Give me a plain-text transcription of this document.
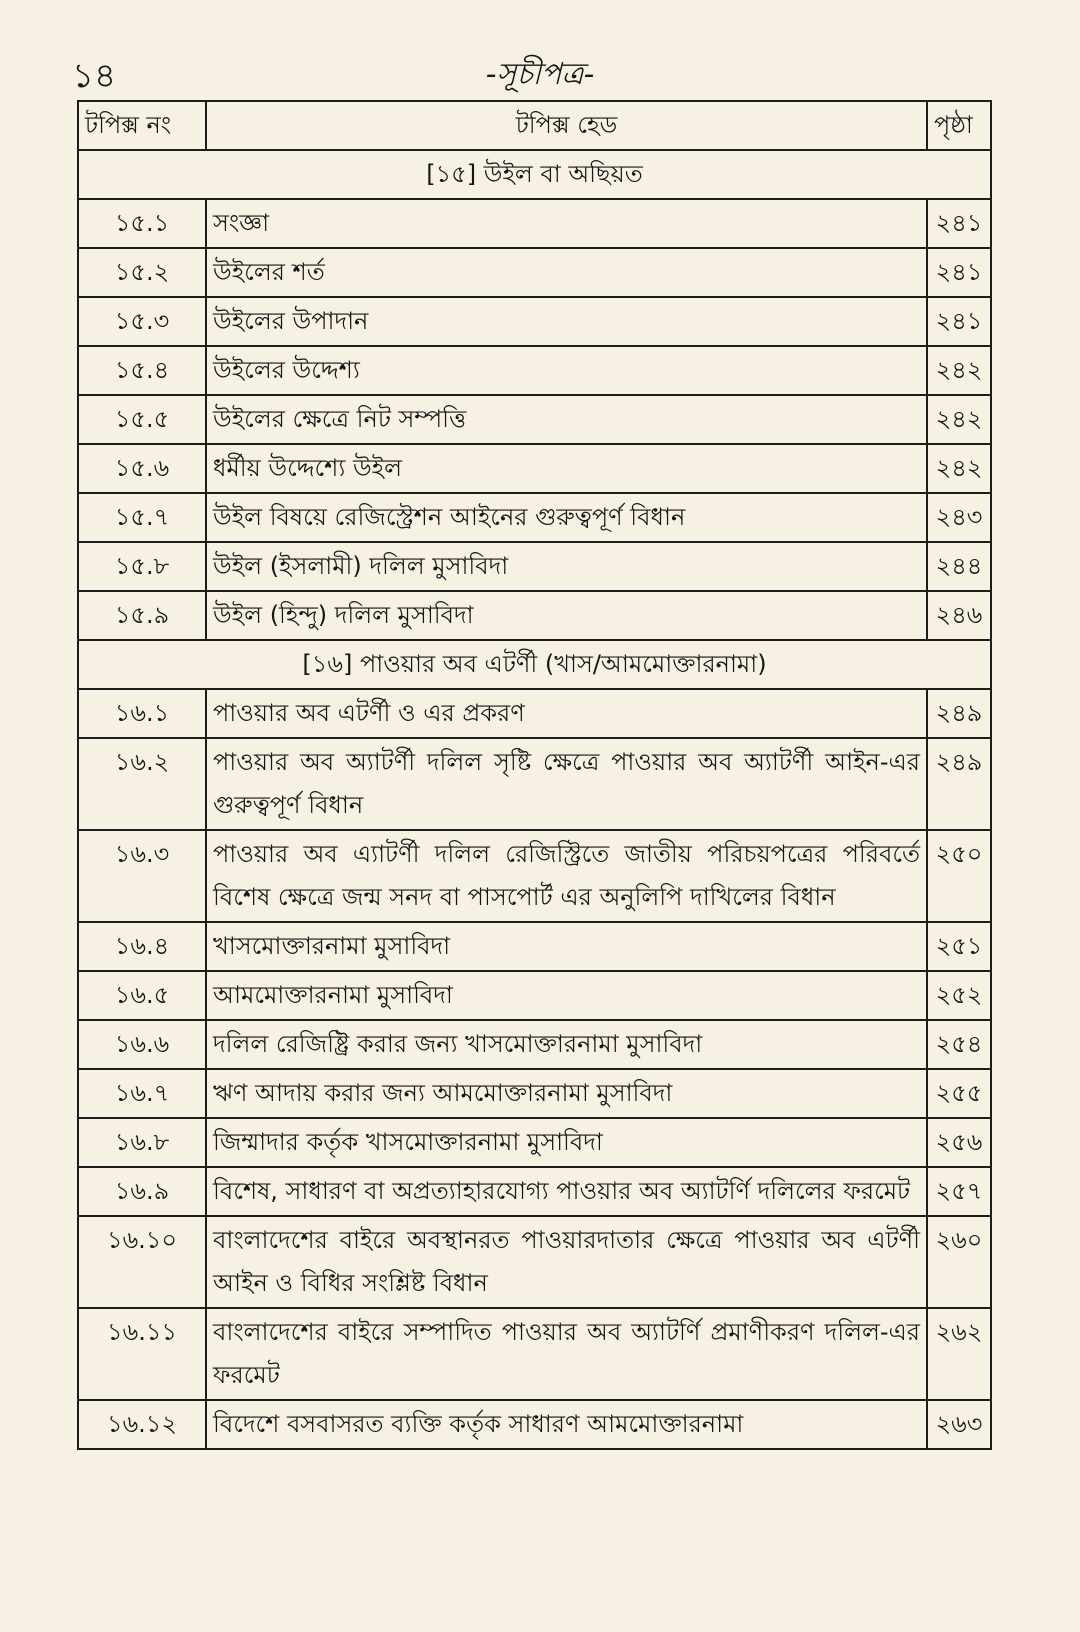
১৪	-সূচীপত্র-
টপিক্স নং	টপিক্স হেড	পৃষ্ঠা
[১৫] উইল বা অছিয়ত		
১৫.১	সংজ্ঞা	২৪১
১৫.২	উইলের শর্ত	২৪১
১৫.৩	উইলের উপাদান	২৪১
১৫.৪	উইলের উদ্দেশ্য	২৪২
১৫.৫	উইলের ক্ষেত্রে নিট সম্পত্তি	২৪২
১৫.৬	ধর্মীয় উদ্দেশ্যে উইল	২৪২
১৫.৭	উইল বিষয়ে রেজিস্ট্রেশন আইনের গুরুত্বপূর্ণ বিধান	২৪৩
১৫.৮	উইল (ইসলামী) দলিল মুসাবিদা	২৪৪
১৫.৯	উইল (হিন্দু) দলিল মুসাবিদা	২৪৬
[১৬] পাওয়ার অব এটর্ণী (খাস/আমমোক্তারনামা)		
১৬.১	পাওয়ার অব এটর্ণী ও এর প্রকরণ	২৪৯
১৬.২	পাওয়ার অব অ্যাটর্ণী দলিল সৃষ্টি ক্ষেত্রে পাওয়ার অব অ্যাটর্ণী আইন-এর গুরুত্বপূর্ণ বিধান	২৪৯
১৬.৩	পাওয়ার অব এ্যাটর্ণী দলিল রেজিস্ট্রিতে জাতীয় পরিচয়পত্রের পরিবর্তে বিশেষ ক্ষেত্রে জন্ম সনদ বা পাসপোর্ট এর অনুলিপি দাখিলের বিধান	২৫০
১৬.৪	খাসমোক্তারনামা মুসাবিদা	২৫১
১৬.৫	আমমোক্তারনামা মুসাবিদা	২৫২
১৬.৬	দলিল রেজিষ্ট্রি করার জন্য খাসমোক্তারনামা মুসাবিদা	২৫৪
১৬.৭	ঋণ আদায় করার জন্য আমমোক্তারনামা মুসাবিদা	২৫৫
১৬.৮	জিম্মাদার কর্তৃক খাসমোক্তারনামা মুসাবিদা	২৫৬
১৬.৯	বিশেষ, সাধারণ বা অপ্রত্যাহারযোগ্য পাওয়ার অব অ্যাটর্ণি দলিলের ফরমেট	২৫৭
১৬.১০	বাংলাদেশের বাইরে অবস্থানরত পাওয়ারদাতার ক্ষেত্রে পাওয়ার অব এটর্ণী আইন ও বিধির সংশ্লিষ্ট বিধান	২৬০
১৬.১১	বাংলাদেশের বাইরে সম্পাদিত পাওয়ার অব অ্যাটর্ণি প্রমাণীকরণ দলিল-এর ফরমেট	২৬২
১৬.১২	বিদেশে বসবাসরত ব্যক্তি কর্তৃক সাধারণ আমমোক্তারনামা	২৬৩
